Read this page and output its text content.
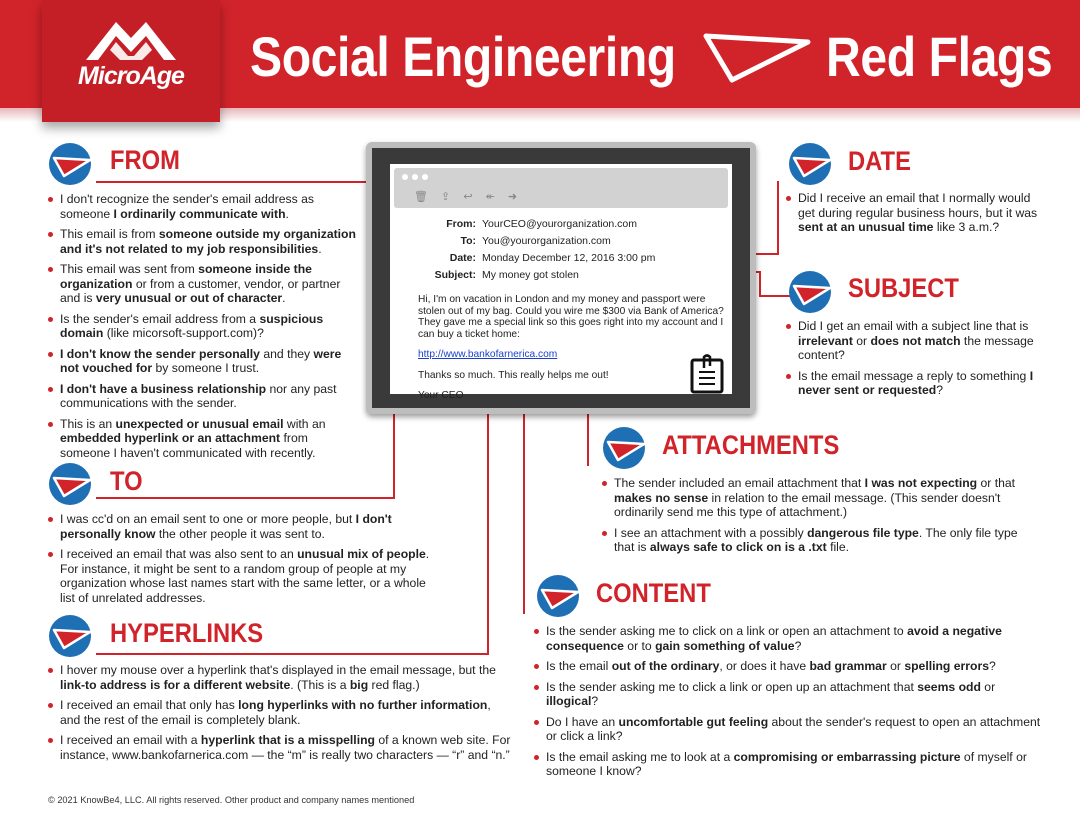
MicroAge	Social Engineering	Red Flags
🗑 ⇪ ↩ ↞ ➜
From: YourCEO@yourorganization.com
To: You@yourorganization.com
Date: Monday December 12, 2016 3:00 pm
Subject: My money got stolen

Hi, I'm on vacation in London and my money and passport were stolen out of my bag. Could you wire me $300 via Bank of America? They gave me a special link so this goes right into my account and I can buy a ticket home:

http://www.bankofarnerica.com

Thanks so much. This really helps me out!

Your CEO

FROM
I don't recognize the sender's email address as someone I ordinarily communicate with.
This email is from someone outside my organization and it's not related to my job responsibilities.
This email was sent from someone inside the organization or from a customer, vendor, or partner and is very unusual or out of character.
Is the sender's email address from a suspicious domain (like micorsoft-support.com)?
I don't know the sender personally and they were not vouched for by someone I trust.
I don't have a business relationship nor any past communications with the sender.
This is an unexpected or unusual email with an embedded hyperlink or an attachment from someone I haven't communicated with recently.
TO
I was cc'd on an email sent to one or more people, but I don't personally know the other people it was sent to.
I received an email that was also sent to an unusual mix of people. For instance, it might be sent to a random group of people at my organization whose last names start with the same letter, or a whole list of unrelated addresses.
HYPERLINKS
I hover my mouse over a hyperlink that's displayed in the email message, but the link-to address is for a different website. (This is a big red flag.)
I received an email that only has long hyperlinks with no further information, and the rest of the email is completely blank.
I received an email with a hyperlink that is a misspelling of a known web site. For instance, www.bankofarnerica.com — the “m” is really two characters — “r” and “n.”
DATE
Did I receive an email that I normally would get during regular business hours, but it was sent at an unusual time like 3 a.m.?
SUBJECT
Did I get an email with a subject line that is irrelevant or does not match the message content?
Is the email message a reply to something I never sent or requested?
ATTACHMENTS
The sender included an email attachment that I was not expecting or that makes no sense in relation to the email message. (This sender doesn't ordinarily send me this type of attachment.)
I see an attachment with a possibly dangerous file type. The only file type that is always safe to click on is a .txt file.
CONTENT
Is the sender asking me to click on a link or open an attachment to avoid a negative consequence or to gain something of value?
Is the email out of the ordinary, or does it have bad grammar or spelling errors?
Is the sender asking me to click a link or open up an attachment that seems odd or illogical?
Do I have an uncomfortable gut feeling about the sender's request to open an attachment or click a link?
Is the email asking me to look at a compromising or embarrassing picture of myself or someone I know?
© 2021 KnowBe4, LLC. All rights reserved. Other product and company names mentioned
